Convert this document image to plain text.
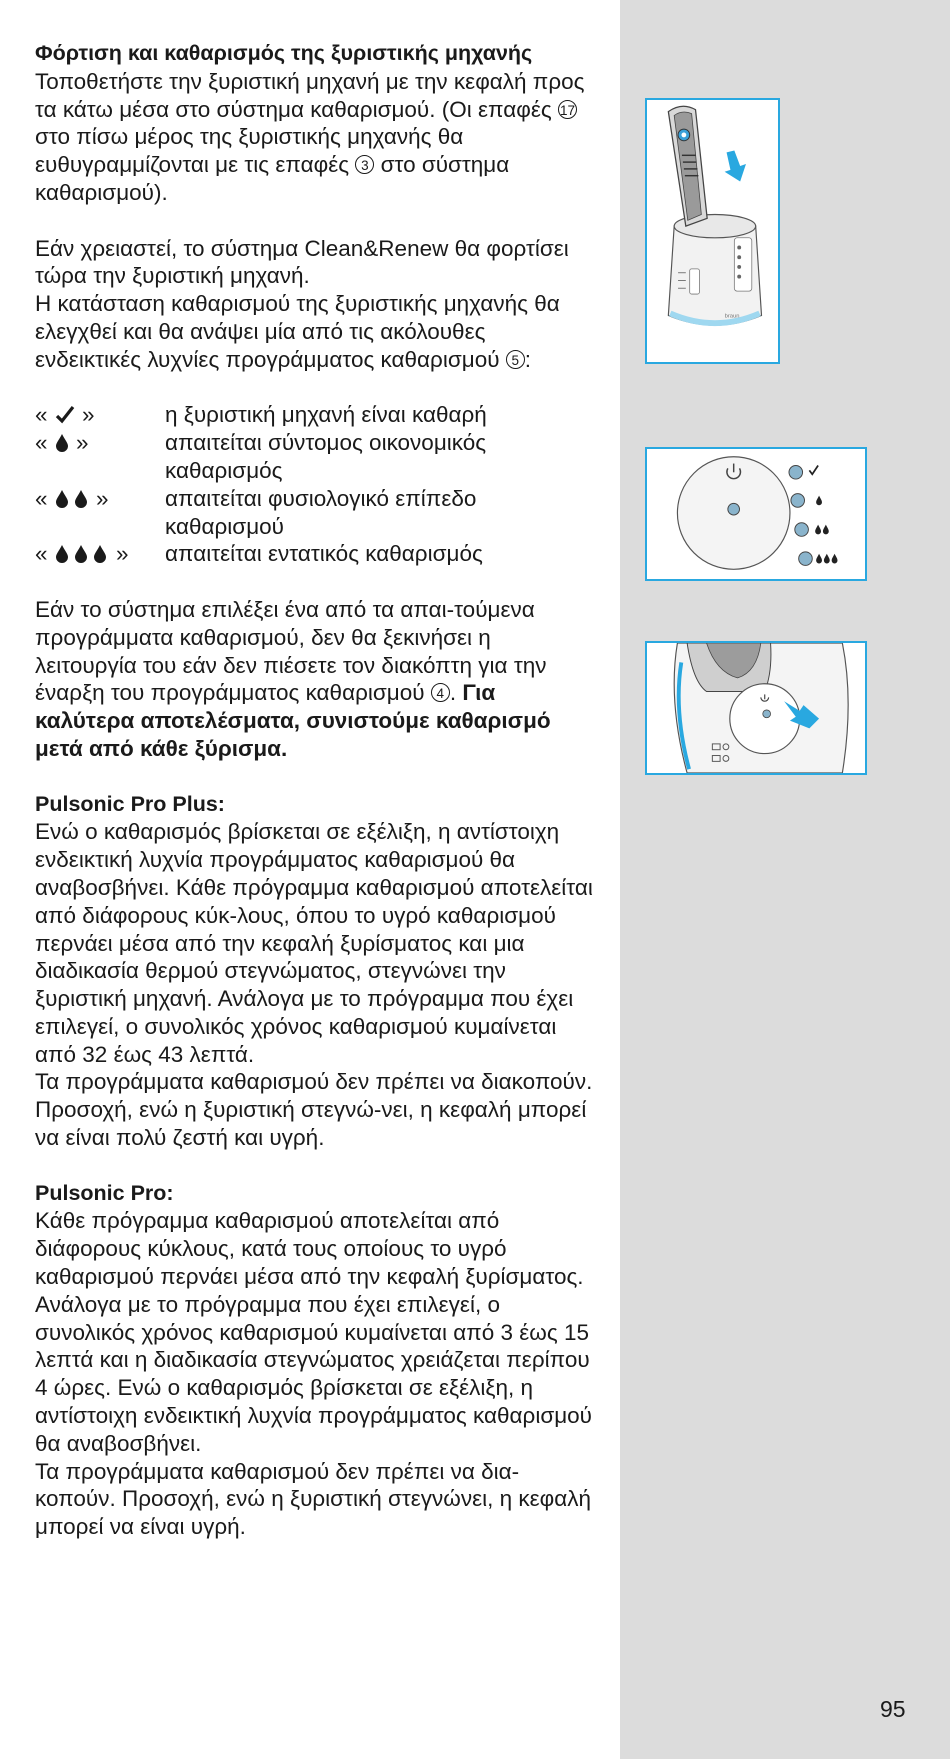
Φόρτιση και καθαρισμός της ξυριστικής μηχανής

Τοποθετήστε την ξυριστική μηχανή με την κεφαλή προς τα κάτω μέσα στο σύστημα καθαρισμού. (Οι επαφές 17 στο πίσω μέρος της ξυριστικής μηχανής θα ευθυγραμμίζονται με τις επαφές 3 στο σύστημα καθαρισμού).

Εάν χρειαστεί, το σύστημα Clean&Renew θα φορτίσει τώρα την ξυριστική μηχανή.

Η κατάσταση καθαρισμού της ξυριστικής μηχανής θα ελεγχθεί και θα ανάψει μία από τις ακόλουθες ενδεικτικές λυχνίες προγράμματος καθαρισμού 5 :

«  »	η ξυριστική μηχανή είναι καθαρή
«  »	απαιτείται σύντομος οικονομικός καθαρισμός
«  »	απαιτείται φυσιολογικό επίπεδο καθαρισμού
«  »	απαιτείται εντατικός καθαρισμός

Εάν το σύστημα επιλέξει ένα από τα απαι-τούμενα προγράμματα καθαρισμού, δεν θα ξεκινήσει η λειτουργία του εάν δεν πιέσετε τον διακόπτη για την έναρξη του προγράμματος καθαρισμού 4 . Για καλύτερα αποτελέσματα, συνιστούμε καθαρισμό μετά από κάθε ξύρισμα.

Pulsonic Pro Plus:

Ενώ ο καθαρισμός βρίσκεται σε εξέλιξη, η αντίστοιχη ενδεικτική λυχνία προγράμματος καθαρισμού θα αναβοσβήνει. Κάθε πρόγραμμα καθαρισμού αποτελείται από διάφορους κύκ-λους, όπου το υγρό καθαρισμού περνάει μέσα από την κεφαλή ξυρίσματος και μια διαδικασία θερμού στεγνώματος, στεγνώνει την ξυριστική μηχανή. Ανάλογα με το πρόγραμμα που έχει επιλεγεί, ο συνολικός χρόνος καθαρισμού κυμαίνεται από 32 έως 43 λεπτά.

Τα προγράμματα καθαρισμού δεν πρέπει να διακοπούν. Προσοχή, ενώ η ξυριστική στεγνώ-νει, η κεφαλή μπορεί να είναι πολύ ζεστή και υγρή.

Pulsonic Pro:

Κάθε πρόγραμμα καθαρισμού αποτελείται από διάφορους κύκλους, κατά τους οποίους το υγρό καθαρισμού περνάει μέσα από την κεφαλή ξυρίσματος. Ανάλογα με το πρόγραμμα που έχει επιλεγεί, ο συνολικός χρόνος καθαρισμού κυμαίνεται από 3 έως 15 λεπτά και η διαδικασία στεγνώματος χρειάζεται περίπου 4 ώρες. Ενώ ο καθαρισμός βρίσκεται σε εξέλιξη, η αντίστοιχη ενδεικτική λυχνία προγράμματος καθαρισμού θα αναβοσβήνει.

Τα προγράμματα καθαρισμού δεν πρέπει να δια-κοπούν. Προσοχή, ενώ η ξυριστική στεγνώνει, η κεφαλή μπορεί να είναι υγρή.

braun
95
